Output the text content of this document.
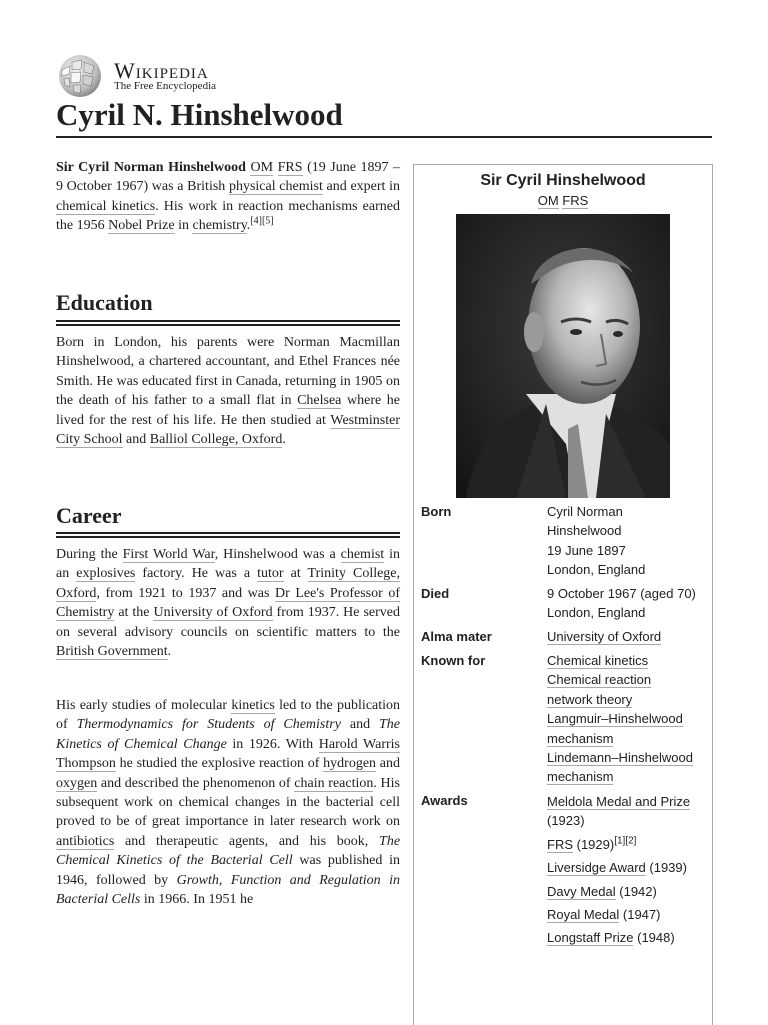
Wikipedia
The Free Encyclopedia
Cyril N. Hinshelwood

Sir Cyril Norman Hinshelwood OM FRS (19 June 1897 – 9 October 1967) was a British physical chemist and expert in chemical kinetics. His work in reaction mechanisms earned the 1956 Nobel Prize in chemistry.[4][5]

Education

Born in London, his parents were Norman Macmillan Hinshelwood, a chartered accountant, and Ethel Frances née Smith. He was educated first in Canada, returning in 1905 on the death of his father to a small flat in Chelsea where he lived for the rest of his life. He then studied at Westminster City School and Balliol College, Oxford.

Career

During the First World War, Hinshelwood was a chemist in an explosives factory. He was a tutor at Trinity College, Oxford, from 1921 to 1937 and was Dr Lee's Professor of Chemistry at the University of Oxford from 1937. He served on several advisory councils on scientific matters to the British Government.

His early studies of molecular kinetics led to the publication of Thermodynamics for Students of Chemistry and The Kinetics of Chemical Change in 1926. With Harold Warris Thompson he studied the explosive reaction of hydrogen and oxygen and described the phenomenon of chain reaction. His subsequent work on chemical changes in the bacterial cell proved to be of great importance in later research work on antibiotics and therapeutic agents, and his book, The Chemical Kinetics of the Bacterial Cell was published in 1946, followed by Growth, Function and Regulation in Bacterial Cells in 1966. In 1951 he

Sir Cyril Hinshelwood
OM FRS
Born	Cyril Norman
Hinshelwood
19 June 1897
London, England
Died	9 October 1967 (aged 70)
London, England
Alma mater	University of Oxford
Known for	Chemical kinetics
Chemical reaction
network theory
Langmuir–Hinshelwood
mechanism
Lindemann–Hinshelwood
mechanism
Awards	Meldola Medal and Prize
(1923)
FRS (1929)[1][2]
Liversidge Award (1939)
Davy Medal (1942)
Royal Medal (1947)
Longstaff Prize (1948)
